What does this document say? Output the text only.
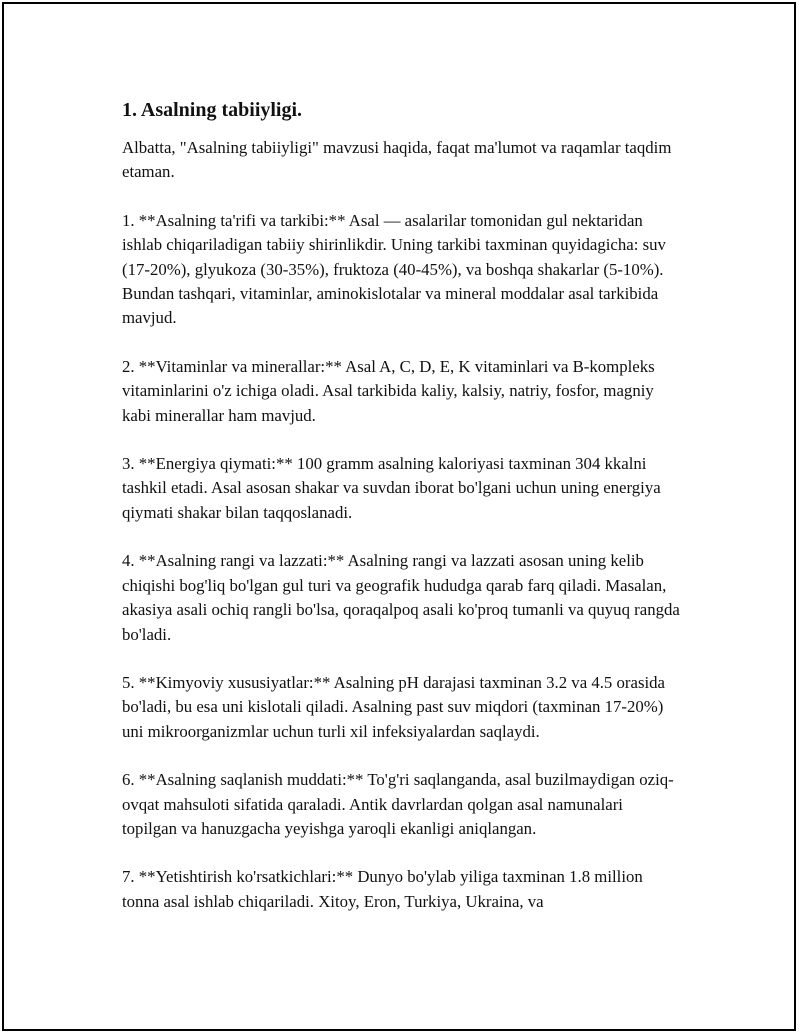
1. Asalning tabiiyligi.

Albatta, "Asalning tabiiyligi" mavzusi haqida, faqat ma'lumot va raqamlar taqdim etaman.

1. **Asalning ta'rifi va tarkibi:** Asal — asalarilar tomonidan gul nektaridan ishlab chiqariladigan tabiiy shirinlikdir. Uning tarkibi taxminan quyidagicha: suv (17-20%), glyukoza (30-35%), fruktoza (40-45%), va boshqa shakarlar (5-10%). Bundan tashqari, vitaminlar, aminokislotalar va mineral moddalar asal tarkibida mavjud.

2. **Vitaminlar va minerallar:** Asal A, C, D, E, K vitaminlari va B-kompleks vitaminlarini o'z ichiga oladi. Asal tarkibida kaliy, kalsiy, natriy, fosfor, magniy kabi minerallar ham mavjud.

3. **Energiya qiymati:** 100 gramm asalning kaloriyasi taxminan 304 kkalni tashkil etadi. Asal asosan shakar va suvdan iborat bo'lgani uchun uning energiya qiymati shakar bilan taqqoslanadi.

4. **Asalning rangi va lazzati:** Asalning rangi va lazzati asosan uning kelib chiqishi bog'liq bo'lgan gul turi va geografik hududga qarab farq qiladi. Masalan, akasiya asali ochiq rangli bo'lsa, qoraqalpoq asali ko'proq tumanli va quyuq rangda bo'ladi.

5. **Kimyoviy xususiyatlar:** Asalning pH darajasi taxminan 3.2 va 4.5 orasida bo'ladi, bu esa uni kislotali qiladi. Asalning past suv miqdori (taxminan 17-20%) uni mikroorganizmlar uchun turli xil infeksiyalardan saqlaydi.

6. **Asalning saqlanish muddati:** To'g'ri saqlanganda, asal buzilmaydigan oziq-ovqat mahsuloti sifatida qaraladi. Antik davrlardan qolgan asal namunalari topilgan va hanuzgacha yeyishga yaroqli ekanligi aniqlangan.

7. **Yetishtirish ko'rsatkichlari:** Dunyo bo'ylab yiliga taxminan 1.8 million tonna asal ishlab chiqariladi. Xitoy, Eron, Turkiya, Ukraina, va
